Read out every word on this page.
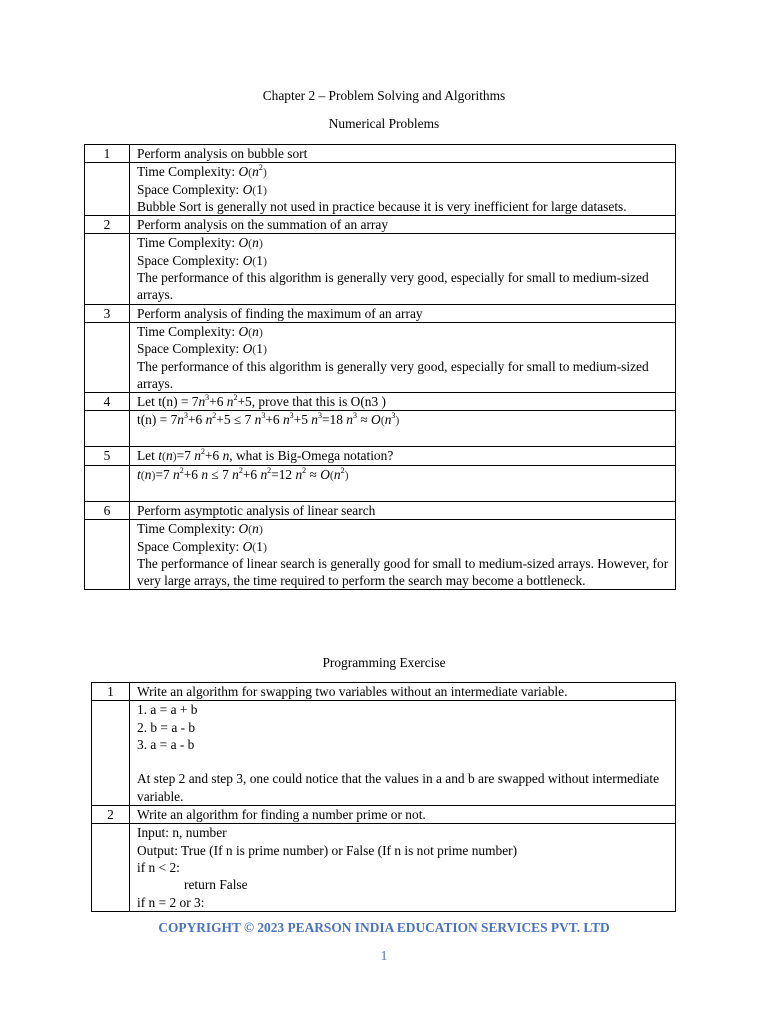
Chapter 2 – Problem Solving and Algorithms
Numerical Problems
1	Perform analysis on bubble sort

	Time Complexity: $O(n^2)$
Space Complexity: O(1)
Bubble Sort is generally not used in practice because it is very inefficient for large datasets.

2	Perform analysis on the summation of an array

	Time Complexity: O(n)
Space Complexity: O(1)
The performance of this algorithm is generally very good, especially for small to medium-sized arrays.

3	Perform analysis of finding the maximum of an array

	Time Complexity: O(n)
Space Complexity: O(1)
The performance of this algorithm is generally very good, especially for small to medium-sized arrays.

4	Let $t(n) = 7n^3+6$ $n^2+5$, prove that this is O(n3 )

	$t(n) = 7n^3+6$ $n^2+5 \le 7$ $n^3+6$ $n^3+5$ $n^3=18$ $n^3 \approx O(n^3)$

5	Let t(n)=7 $n^2+6$ n, what is Big-Omega notation?

	t(n)=7 $n^2+6$ n ≤ 7 $n^2+6$ $n^2=12$ $n^2 \approx O(n^2)$

6	Perform asymptotic analysis of linear search

	Time Complexity: O(n)
Space Complexity: O(1)
The performance of linear search is generally good for small to medium-sized arrays. However, for very large arrays, the time required to perform the search may become a bottleneck.
Programming Exercise
1	Write an algorithm for swapping two variables without an intermediate variable.

	1. a = a + b
2. b = a - b
3. a = a - b
At step 2 and step 3, one could notice that the values in a and b are swapped without intermediate variable.

2	Write an algorithm for finding a number prime or not.

	Input: n, number
Output: True (If n is prime number) or False (If n is not prime number)
if n < 2:
return False
if n = 2 or 3:
COPYRIGHT © 2023 PEARSON INDIA EDUCATION SERVICES PVT. LTD
1
